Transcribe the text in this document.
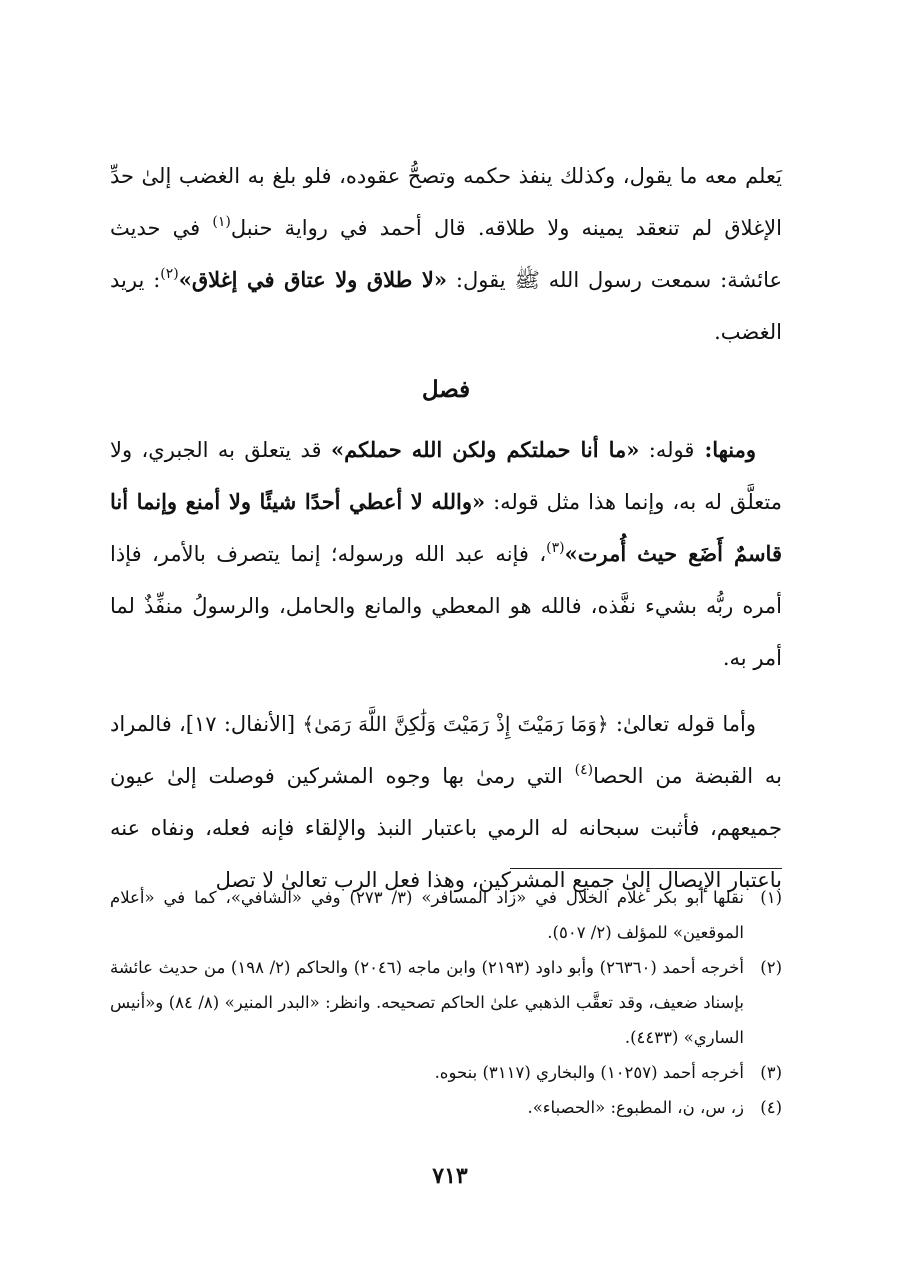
يَعلم معه ما يقول، وكذلك ينفذ حكمه وتصحُّ عقوده، فلو بلغ به الغضب إلىٰ حدِّ الإغلاق لم تنعقد يمينه ولا طلاقه. قال أحمد في رواية حنبل$^{(١)}$ في حديث عائشة: سمعت رسول الله ﷺ يقول: «لا طلاق ولا عتاق في إغلاق»$^{(٢)}$: يريد الغضب.

فصل

ومنها: قوله: «ما أنا حملتكم ولكن الله حملكم» قد يتعلق به الجبري، ولا متعلَّق له به، وإنما هذا مثل قوله: «والله لا أعطي أحدًا شيئًا ولا أمنع وإنما أنا قاسمٌ أَضَع حيث أُمرت»$^{(٣)}$، فإنه عبد الله ورسوله؛ إنما يتصرف بالأمر، فإذا أمره ربُّه بشيء نفَّذه، فالله هو المعطي والمانع والحامل، والرسولُ منفِّذٌ لما أمر به.

وأما قوله تعالىٰ: ﴿وَمَا رَمَيْتَ إِذْ رَمَيْتَ وَلَٰكِنَّ اللَّهَ رَمَىٰ﴾ [الأنفال: ١٧]، فالمراد به القبضة من الحصا$^{(٤)}$ التي رمىٰ بها وجوه المشركين فوصلت إلىٰ عيون جميعهم، فأثبت سبحانه له الرمي باعتبار النبذ والإلقاء فإنه فعله، ونفاه عنه باعتبار الإيصال إلىٰ جميع المشركين، وهذا فعل الرب تعالىٰ لا تصل

(١)
نقلها أبو بكر غلام الخلال في «زاد المسافر» (٣/ ٢٧٣) وفي «الشافي»، كما في «أعلام الموقعين» للمؤلف (٢/ ٥٠٧).
(٢)
أخرجه أحمد (٢٦٣٦٠) وأبو داود (٢١٩٣) وابن ماجه (٢٠٤٦) والحاكم (٢/ ١٩٨) من حديث عائشة بإسناد ضعيف، وقد تعقَّب الذهبي علىٰ الحاكم تصحيحه. وانظر: «البدر المنير» (٨/ ٨٤) و«أنيس الساري» (٤٤٣٣).
(٣)
أخرجه أحمد (١٠٢٥٧) والبخاري (٣١١٧) بنحوه.
(٤)
ز، س، ن، المطبوع: «الحصباء».
٧١٣
